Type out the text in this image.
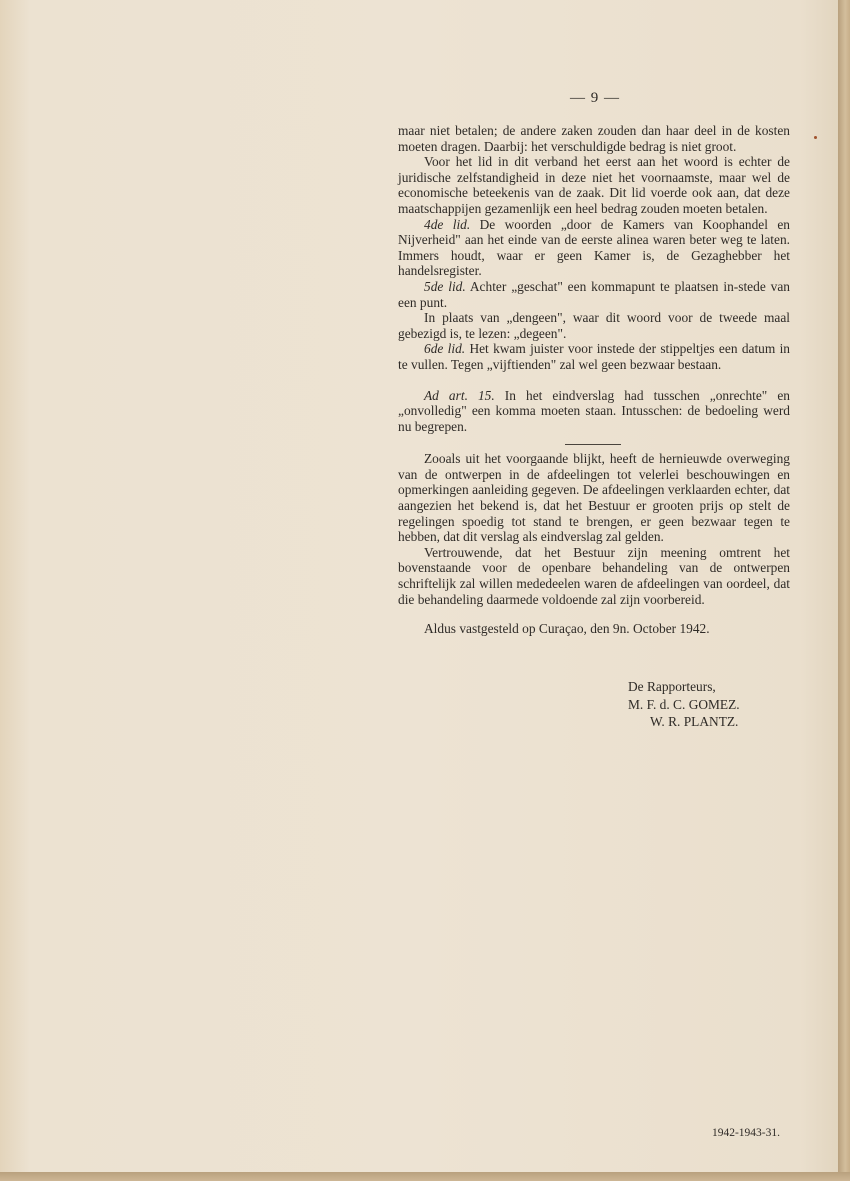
— 9 —

maar niet betalen; de andere zaken zouden dan haar deel in de kosten moeten dragen. Daarbij: het verschuldigde bedrag is niet groot.

Voor het lid in dit verband het eerst aan het woord is echter de juridische zelfstandigheid in deze niet het voornaamste, maar wel de economische beteekenis van de zaak. Dit lid voerde ook aan, dat deze maatschappijen gezamenlijk een heel bedrag zouden moeten betalen.

4de lid. De woorden „door de Kamers van Koophandel en Nijverheid" aan het einde van de eerste alinea waren beter weg te laten. Immers houdt, waar er geen Kamer is, de Gezaghebber het handelsregister.

5de lid. Achter „geschat" een kommapunt te plaatsen in-stede van een punt.

In plaats van „dengeen", waar dit woord voor de tweede maal gebezigd is, te lezen: „degeen".

6de lid. Het kwam juister voor instede der stippeltjes een datum in te vullen. Tegen „vijftienden" zal wel geen bezwaar bestaan.

Ad art. 15. In het eindverslag had tusschen „onrechte" en „onvolledig" een komma moeten staan. Intusschen: de bedoeling werd nu begrepen.

Zooals uit het voorgaande blijkt, heeft de hernieuwde overweging van de ontwerpen in de afdeelingen tot velerlei beschouwingen en opmerkingen aanleiding gegeven. De afdeelingen verklaarden echter, dat aangezien het bekend is, dat het Bestuur er grooten prijs op stelt de regelingen spoedig tot stand te brengen, er geen bezwaar tegen te hebben, dat dit verslag als eindverslag zal gelden.

Vertrouwende, dat het Bestuur zijn meening omtrent het bovenstaande voor de openbare behandeling van de ontwerpen schriftelijk zal willen mededeelen waren de afdeelingen van oordeel, dat die behandeling daarmede voldoende zal zijn voorbereid.

Aldus vastgesteld op Curaçao, den 9n. October 1942.

De Rapporteurs,
M. F. d. C. GOMEZ.
W. R. PLANTZ.
1942-1943-31.
